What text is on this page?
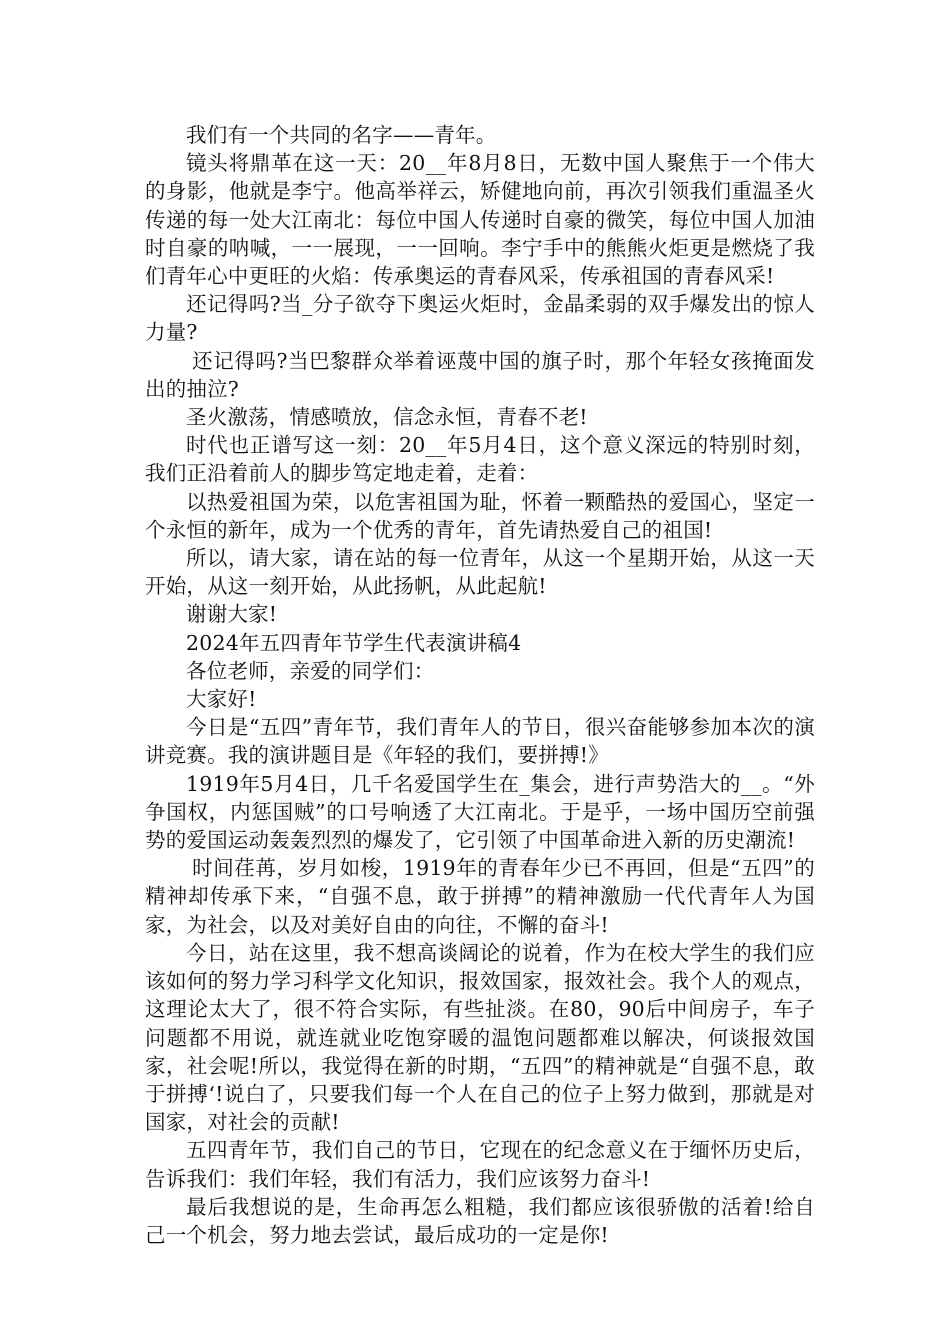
我们有一个共同的名字——青年。

镜头将鼎革在这一天：20__年8月8日，无数中国人聚焦于一个伟大的身影，他就是李宁。他高举祥云，矫健地向前，再次引领我们重温圣火传递的每一处大江南北：每位中国人传递时自豪的微笑，每位中国人加油时自豪的呐喊，一一展现，一一回响。李宁手中的熊熊火炬更是燃烧了我们青年心中更旺的火焰：传承奥运的青春风采，传承祖国的青春风采!

还记得吗?当_分子欲夺下奥运火炬时，金晶柔弱的双手爆发出的惊人力量?

还记得吗?当巴黎群众举着诬蔑中国的旗子时，那个年轻女孩掩面发出的抽泣?

圣火激荡，情感喷放，信念永恒，青春不老!

时代也正谱写这一刻：20__年5月4日，这个意义深远的特别时刻，我们正沿着前人的脚步笃定地走着，走着：

以热爱祖国为荣，以危害祖国为耻，怀着一颗酷热的爱国心，坚定一个永恒的新年，成为一个优秀的青年，首先请热爱自己的祖国!

所以，请大家，请在站的每一位青年，从这一个星期开始，从这一天开始，从这一刻开始，从此扬帆，从此起航!

谢谢大家!

2024年五四青年节学生代表演讲稿4

各位老师，亲爱的同学们：

大家好!

今日是“五四”青年节，我们青年人的节日，很兴奋能够参加本次的演讲竞赛。我的演讲题目是《年轻的我们，要拼搏!》

1919年5月4日，几千名爱国学生在_集会，进行声势浩大的__。“外争国权，内惩国贼”的口号响透了大江南北。于是乎，一场中国历空前强势的爱国运动轰轰烈烈的爆发了，它引领了中国革命进入新的历史潮流!

时间荏苒，岁月如梭，1919年的青春年少已不再回，但是“五四”的精神却传承下来，“自强不息，敢于拼搏”的精神激励一代代青年人为国家，为社会，以及对美好自由的向往，不懈的奋斗!

今日，站在这里，我不想高谈阔论的说着，作为在校大学生的我们应该如何的努力学习科学文化知识，报效国家，报效社会。我个人的观点，这理论太大了，很不符合实际，有些扯淡。在80，90后中间房子，车子问题都不用说，就连就业吃饱穿暖的温饱问题都难以解决，何谈报效国家，社会呢!所以，我觉得在新的时期，“五四”的精神就是“自强不息，敢于拼搏‘!说白了，只要我们每一个人在自己的位子上努力做到，那就是对国家，对社会的贡献!

五四青年节，我们自己的节日，它现在的纪念意义在于缅怀历史后，告诉我们：我们年轻，我们有活力，我们应该努力奋斗!

最后我想说的是，生命再怎么粗糙，我们都应该很骄傲的活着!给自己一个机会，努力地去尝试，最后成功的一定是你!
